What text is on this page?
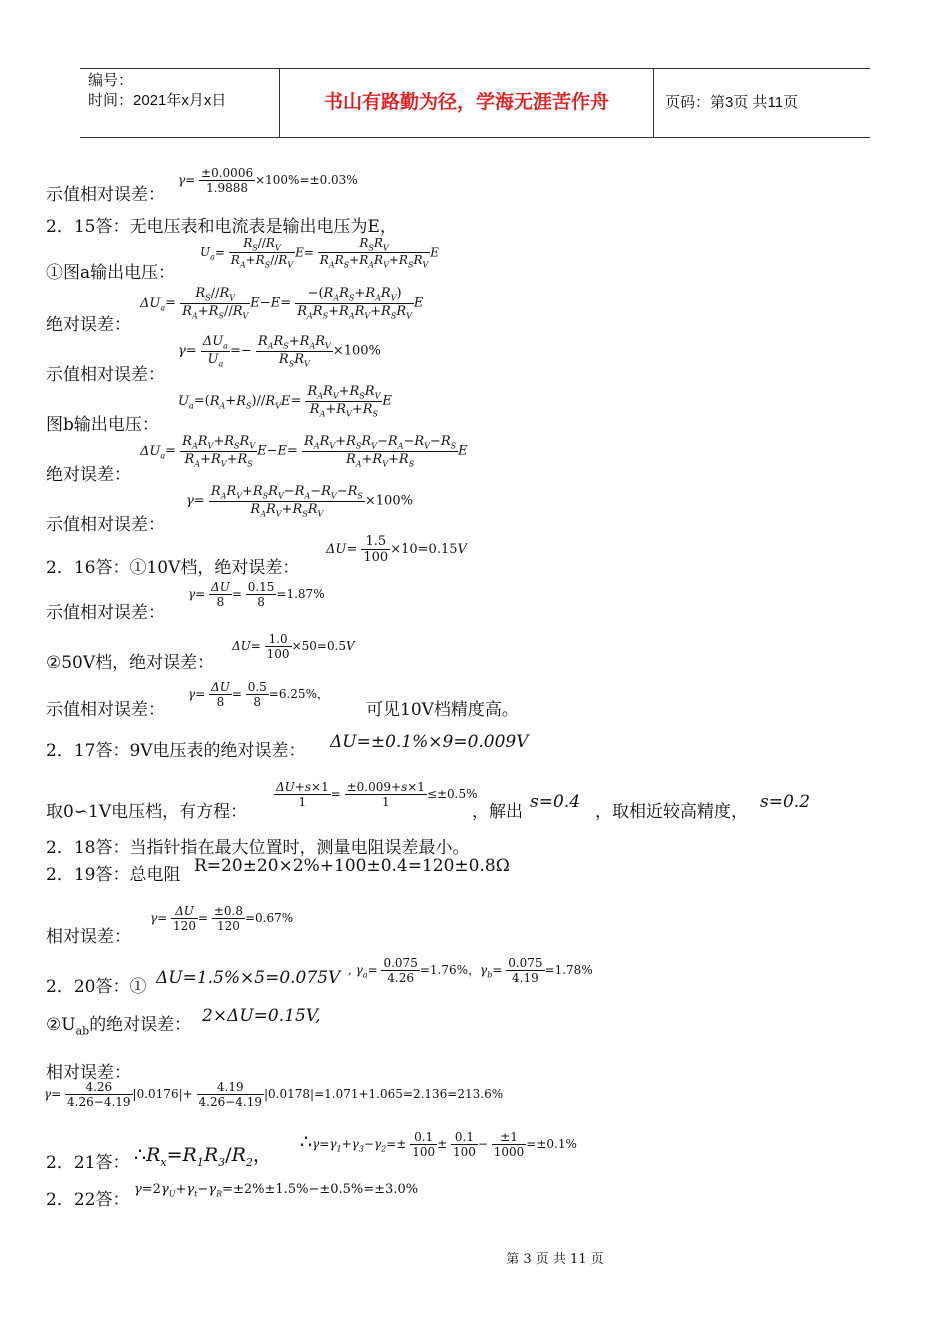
编号：
时间：2021年x月x日	书山有路勤为径，学海无涯苦作舟	页码：第3页 共11页
示值相对误差：
$\gamma= \frac{\pm 0.0006}{1.9888} \times 100\%=\pm 0.03\%$
2．15答：无电压表和电流表是输出电压为E，
①图a输出电压：
$U_a= \frac{R_S//R_V}{R_A+R_S//R_V} E= \frac{R_SR_V}{R_AR_S+R_AR_V+R_SR_V}$ E
绝对误差：
$\Delta U_a= \frac{R_S//R_V}{R_A+R_S//R_V} E-E= \frac{-(R_AR_S+R_AR_V)}{R_AR_S+R_AR_V+R_SR_V}$ E
示值相对误差：
$\gamma= \frac{\Delta U_a}{U_a} =- \frac{R_AR_S+R_AR_V}{R_SR_V} \times 100\%$
图b输出电压：
$U_a=(R_A+R_S)//R_VE= \frac{R_AR_V+R_SR_V}{R_A+R_V+R_S}$ E
绝对误差：
$\Delta U_a= \frac{R_AR_V+R_SR_V}{R_A+R_V+R_S} E-E= \frac{R_AR_V+R_SR_V-R_A-R_V-R_S}{R_A+R_V+R_S}$ E
示值相对误差：
$\gamma= \frac{R_AR_V+R_SR_V-R_A-R_V-R_S}{R_AR_V+R_SR_V} \times 100\%$
2．16答：①10V档，绝对误差：
$\Delta U= \frac{1.5}{100} \times 10=0.15V$
示值相对误差：
$\gamma= \frac{\Delta U}{8} = \frac{0.15}{8} =1.87\%$
②50V档，绝对误差：
$\Delta U= \frac{1.0}{100} \times 50=0.5V$
示值相对误差：
$\gamma= \frac{\Delta U}{8} = \frac{0.5}{8} =6.25\%$，
可见10V档精度高。
2．17答：9V电压表的绝对误差： ΔU=±0.1%×9=0.009V
取0∽1V电压档，有方程：
$\frac{\Delta U+s\times 1}{1} = \frac{\pm 0.009+s\times 1}{1} \le\pm 0.5\%$
，解出 s=0.4 ，取相近较高精度， s=0.2
2．18答：当指针指在最大位置时，测量电阻误差最小。
2．19答：总电阻 R=20±20×2%+100±0.4=120±0.8Ω
相对误差：
$\gamma= \frac{\Delta U}{120} = \frac{\pm 0.8}{120} =0.67\%$
2．20答：① ΔU=1.5%×5=0.075V , $\gamma_a= \frac{0.075}{4.26} =1.76\%$，$\gamma_b= \frac{0.075}{4.19} =1.78\%$
$②U_{ab}$的绝对误差： 2×ΔU=0.15V,
相对误差：
$\gamma= \frac{4.26}{4.26-4.19} |0.0176|+ \frac{4.19}{4.26-4.19} |0.0178|=1.071+1.065=2.136=213.6\%$
2．21答： $\therefore R_x=R_1R_3/R_2$，
$\therefore\gamma=\gamma_1+\gamma_3-\gamma_2=\pm \frac{0.1}{100} \pm \frac{0.1}{100} - \frac{\pm 1}{1000} =\pm 0.1\%$
2．22答：
$\gamma=2\gamma_U+\gamma_t-\gamma_R=\pm 2\%\pm 1.5\%-\pm 0.5\%=\pm 3.0\%$
第 3 页 共 11 页
